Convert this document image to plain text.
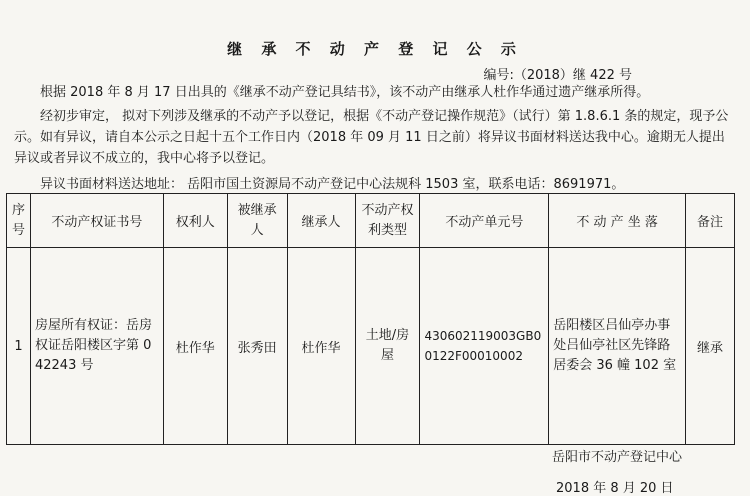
继 承 不 动 产 登 记 公 示
编号:（2018）继 422 号
根据 2018 年 8 月 17 日出具的《继承不动产登记具结书》，该不动产由继承人杜作华通过遗产继承所得。
经初步审定， 拟对下列涉及继承的不动产予以登记，根据《不动产登记操作规范》（试行）第 1.8.6.1 条的规定，现予公示。如有异议，请自本公示之日起十五个工作日内（2018 年 09 月 11 日之前）将异议书面材料送达我中心。逾期无人提出异议或者异议不成立的，我中心将予以登记。
异议书面材料送达地址： 岳阳市国土资源局不动产登记中心法规科 1503 室，联系电话：8691971。
序号	不动产权证书号	权利人	被继承人	继承人	不动产权利类型	不动产单元号	不 动 产 坐 落	备注
1	房屋所有权证：岳房权证岳阳楼区字第 042243 号	杜作华	张秀田	杜作华	土地/房屋	430602119003GB00122F00010002	岳阳楼区吕仙亭办事处吕仙亭社区先锋路居委会 36 幢 102 室	继承
岳阳市不动产登记中心
2018 年 8 月 20 日
